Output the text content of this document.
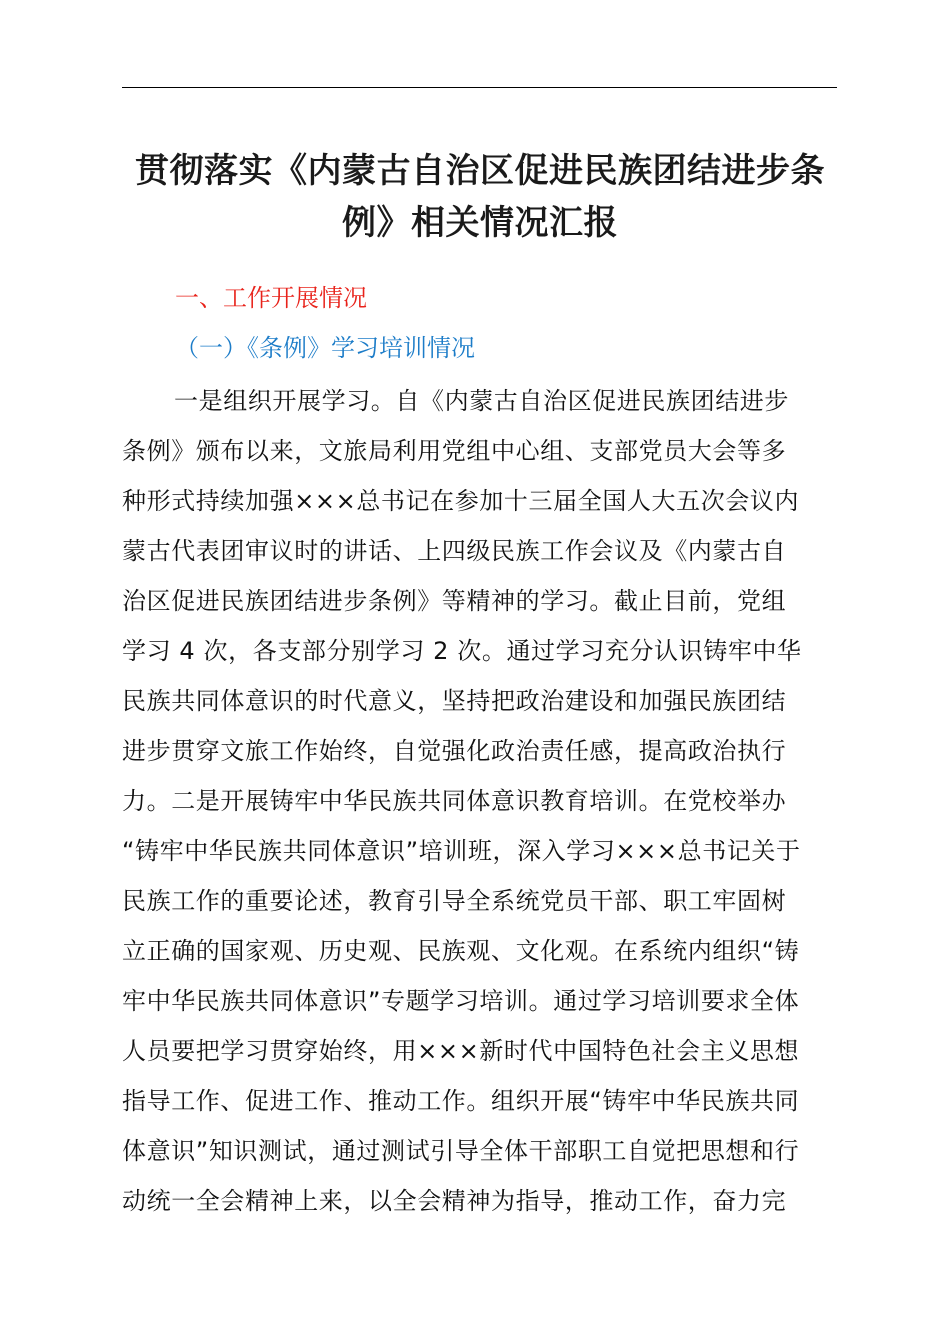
贯彻落实《内蒙古自治区促进民族团结进步条
例》相关情况汇报
一、工作开展情况
（一）《条例》学习培训情况
一是组织开展学习。自《内蒙古自治区促进民族团结进步
条例》颁布以来，文旅局利用党组中心组、支部党员大会等多
种形式持续加强×××总书记在参加十三届全国人大五次会议内
蒙古代表团审议时的讲话、上四级民族工作会议及《内蒙古自
治区促进民族团结进步条例》等精神的学习。截止目前，党组
学习 4 次，各支部分别学习 2 次。通过学习充分认识铸牢中华
民族共同体意识的时代意义，坚持把政治建设和加强民族团结
进步贯穿文旅工作始终，自觉强化政治责任感，提高政治执行
力。二是开展铸牢中华民族共同体意识教育培训。在党校举办
“铸牢中华民族共同体意识”培训班，深入学习×××总书记关于
民族工作的重要论述，教育引导全系统党员干部、职工牢固树
立正确的国家观、历史观、民族观、文化观。在系统内组织“铸
牢中华民族共同体意识”专题学习培训。通过学习培训要求全体
人员要把学习贯穿始终，用×××新时代中国特色社会主义思想
指导工作、促进工作、推动工作。组织开展“铸牢中华民族共同
体意识”知识测试，通过测试引导全体干部职工自觉把思想和行
动统一全会精神上来，以全会精神为指导，推动工作，奋力完
